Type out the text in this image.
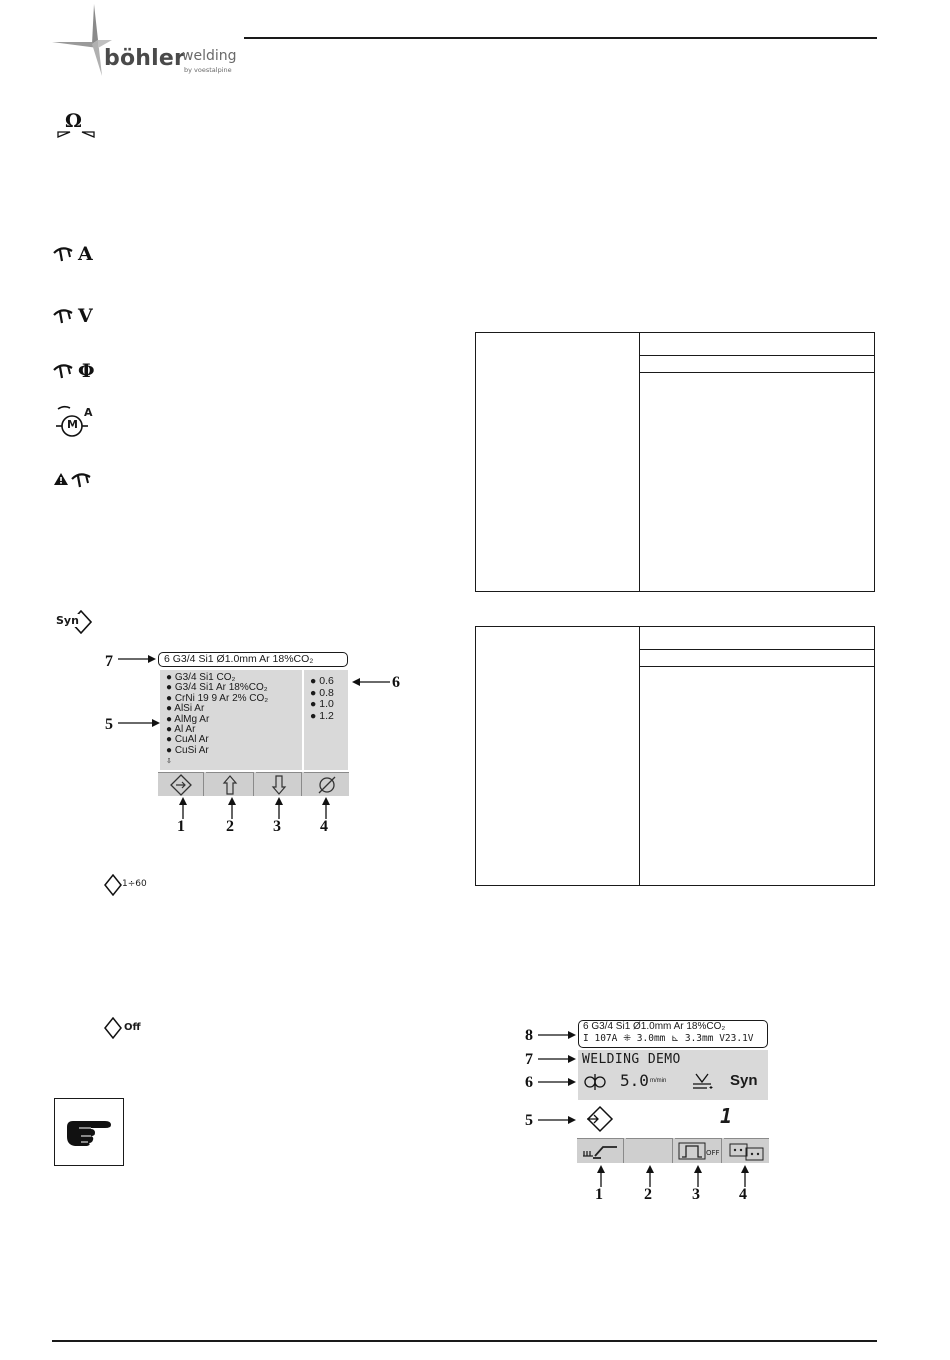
böhler
welding
by voestalpine
Ω
A
V
Φ
M
A
Syn
1÷60
Off
6 G3/4 Si1 Ø1.0mm Ar 18%CO₂
● G3/4 Si1 CO₂
● G3/4 Si1 Ar 18%CO₂
● CrNi 19 9 Ar 2% CO₂
● AlSi Ar
● AlMg Ar
● Al Ar
● CuAl Ar
● CuSi Ar
⇩
● 0.6
● 0.8
● 1.0
● 1.2
7
5
6
1	2 3 4
6 G3/4 Si1 Ø1.0mm Ar 18%CO₂
I 107A ⁜ 3.0mm ⊾ 3.3mm V23.1V
WELDING DEMO
5.0 m/min	Syn
1
OFF
8
7
6
5
1	2	3 4
